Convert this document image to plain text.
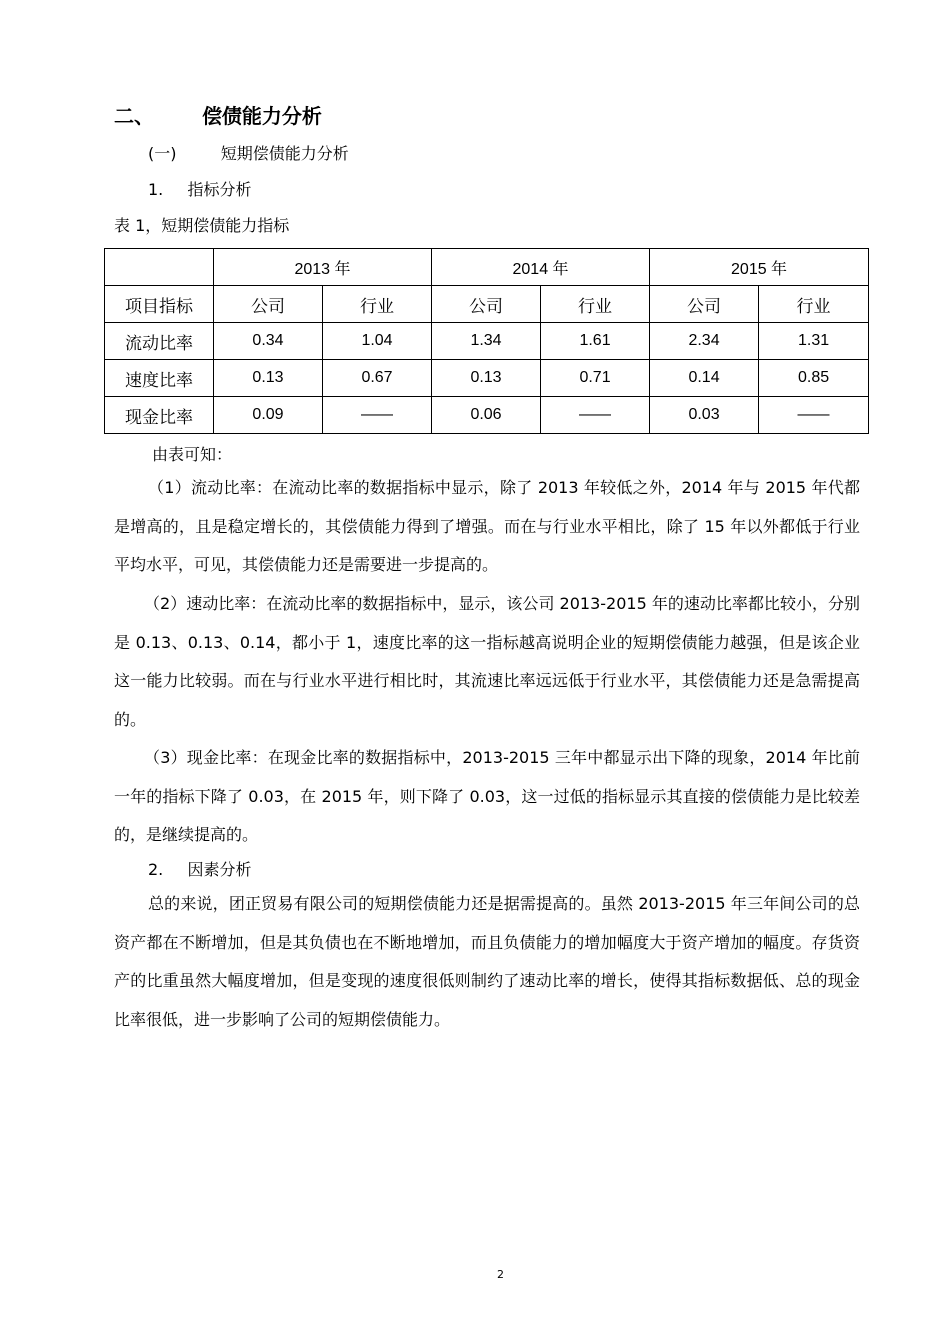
二、 偿债能力分析
(一)	短期偿债能力分析
1. 指标分析
表 1，短期偿债能力指标
	2013 年		2014 年		2015 年	
项目指标	公司	行业	公司	行业	公司	行业
流动比率	0.34	1.04	1.34	1.61	2.34	1.31
速度比率	0.13	0.67	0.13	0.71	0.14	0.85
现金比率	0.09	——	0.06	——	0.03	——
由表可知：
（1）流动比率：在流动比率的数据指标中显示，除了 2013 年较低之外，2014 年与 2015 年代都是增高的，且是稳定增长的，其偿债能力得到了增强。而在与行业水平相比，除了 15 年以外都低于行业平均水平，可见，其偿债能力还是需要进一步提高的。
（2）速动比率：在流动比率的数据指标中，显示，该公司 2013-2015 年的速动比率都比较小，分别是 0.13、0.13、0.14，都小于 1，速度比率的这一指标越高说明企业的短期偿债能力越强，但是该企业这一能力比较弱。而在与行业水平进行相比时，其流速比率远远低于行业水平，其偿债能力还是急需提高的。
（3）现金比率：在现金比率的数据指标中，2013-2015 三年中都显示出下降的现象，2014 年比前一年的指标下降了 0.03，在 2015 年，则下降了 0.03，这一过低的指标显示其直接的偿债能力是比较差的，是继续提高的。
2. 因素分析
总的来说，团正贸易有限公司的短期偿债能力还是据需提高的。虽然 2013-2015 年三年间公司的总资产都在不断增加，但是其负债也在不断地增加，而且负债能力的增加幅度大于资产增加的幅度。存货资产的比重虽然大幅度增加，但是变现的速度很低则制约了速动比率的增长，使得其指标数据低、总的现金比率很低，进一步影响了公司的短期偿债能力。
2
